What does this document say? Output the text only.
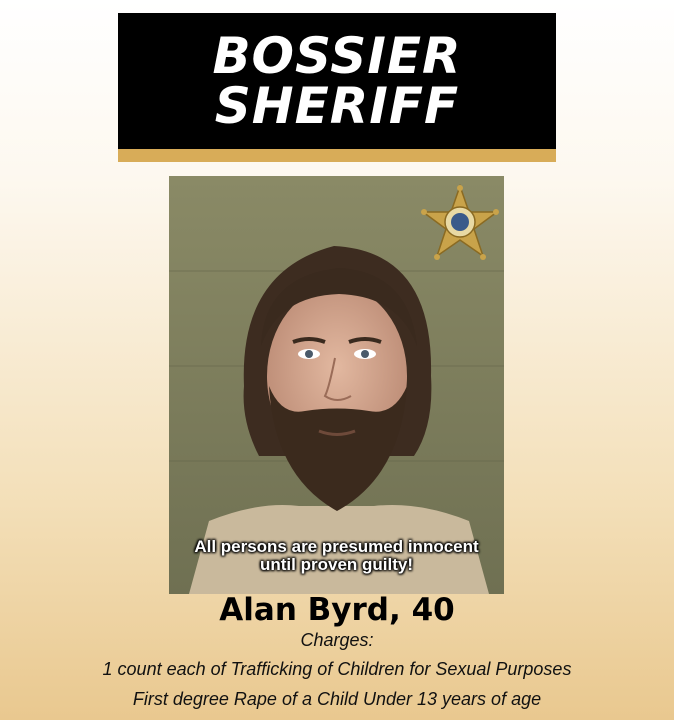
BOSSIER
SHERIFF
All persons are presumed innocent
until proven guilty!
Alan Byrd, 40
Charges:
1 count each of Trafficking of Children for Sexual Purposes
First degree Rape of a Child Under 13 years of age
